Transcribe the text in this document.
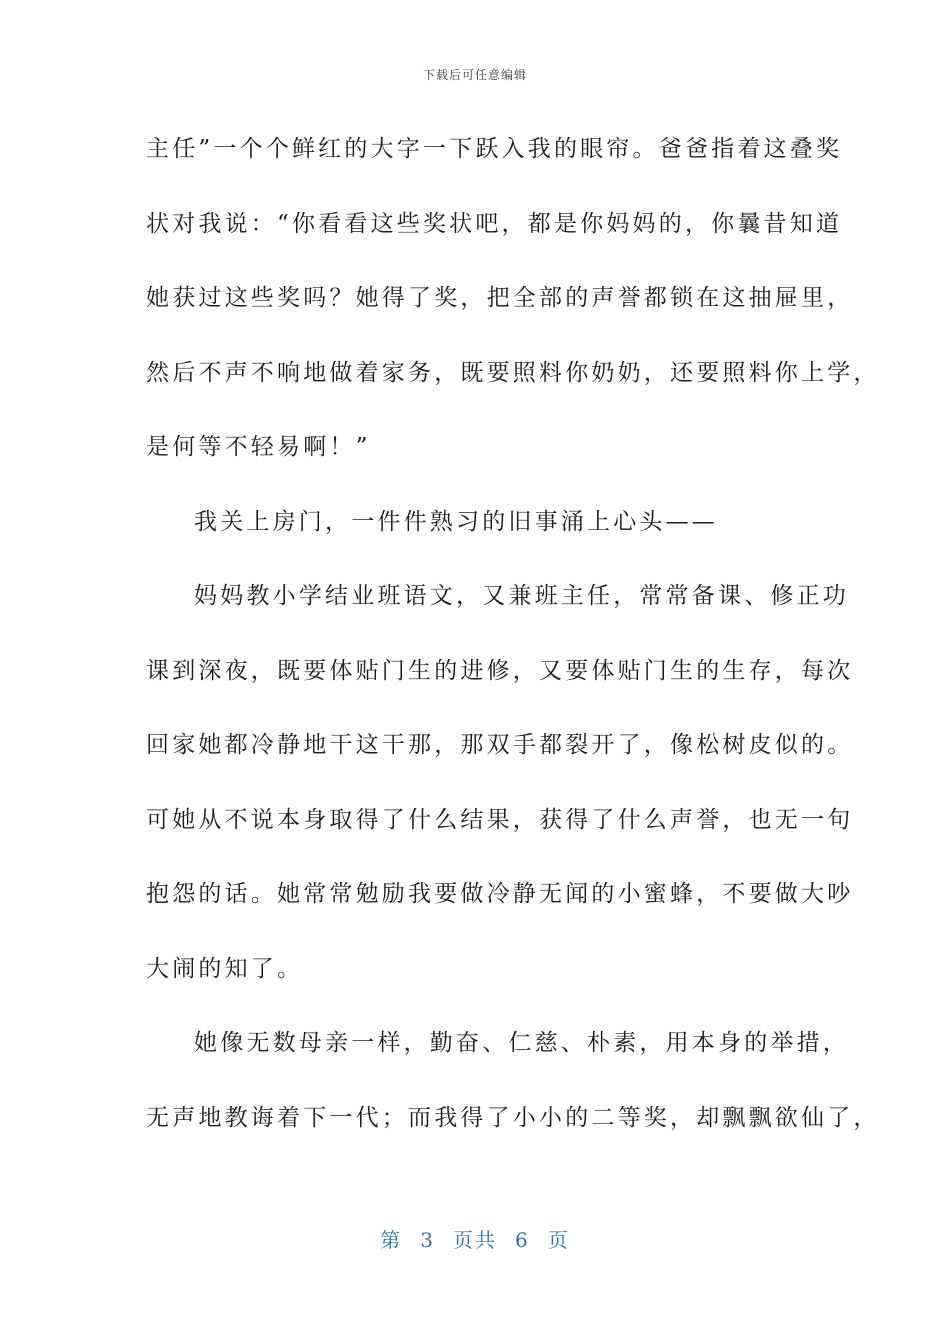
下载后可任意编辑
主任”一个个鲜红的大字一下跃入我的眼帘。爸爸指着这叠奖
状对我说：“你看看这些奖状吧，都是你妈妈的，你曩昔知道
她获过这些奖吗？她得了奖，把全部的声誉都锁在这抽屉里，
然后不声不响地做着家务，既要照料你奶奶，还要照料你上学，
是何等不轻易啊！”
我关上房门，一件件熟习的旧事涌上心头——
妈妈教小学结业班语文，又兼班主任，常常备课、修正功
课到深夜，既要体贴门生的进修，又要体贴门生的生存，每次
回家她都冷静地干这干那，那双手都裂开了，像松树皮似的。
可她从不说本身取得了什么结果，获得了什么声誉，也无一句
抱怨的话。她常常勉励我要做冷静无闻的小蜜蜂，不要做大吵
大闹的知了。
她像无数母亲一样，勤奋、仁慈、朴素，用本身的举措，
无声地教诲着下一代；而我得了小小的二等奖，却飘飘欲仙了，
第 3 页共 6 页
